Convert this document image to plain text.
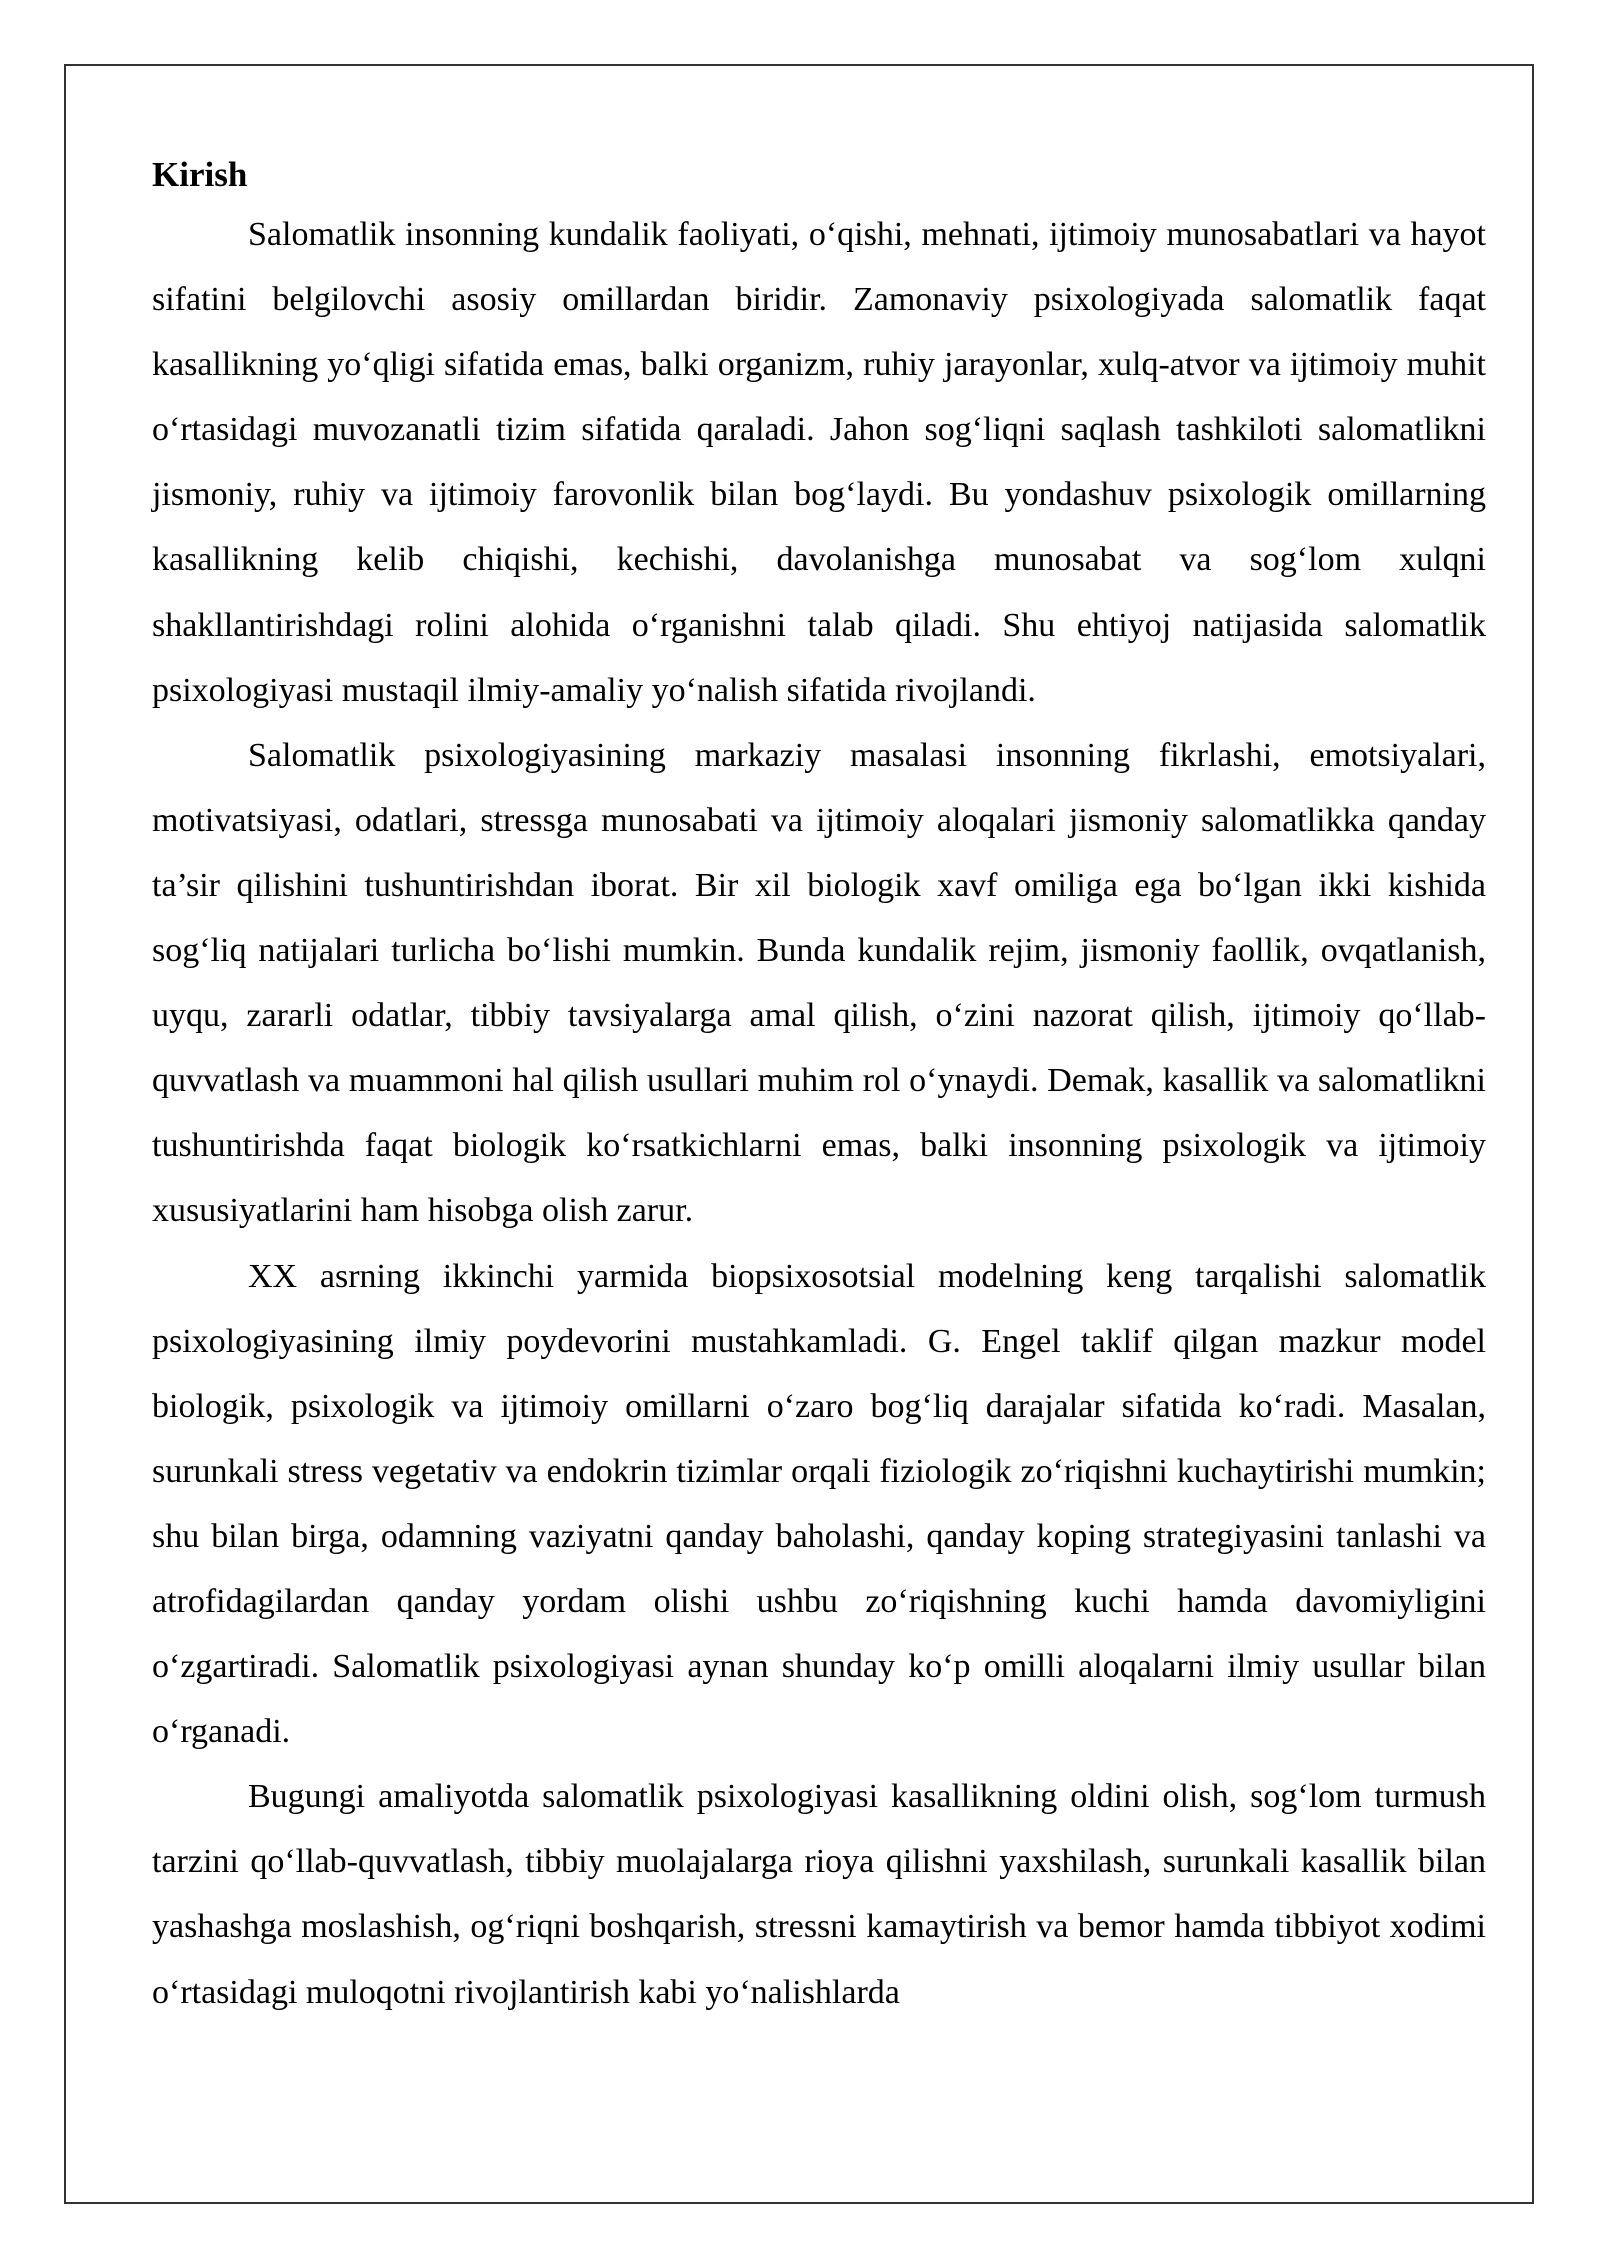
Kirish

Salomatlik insonning kundalik faoliyati, o‘qishi, mehnati, ijtimoiy munosabatlari va hayot sifatini belgilovchi asosiy omillardan biridir. Zamonaviy psixologiyada salomatlik faqat kasallikning yo‘qligi sifatida emas, balki organizm, ruhiy jarayonlar, xulq-atvor va ijtimoiy muhit o‘rtasidagi muvozanatli tizim sifatida qaraladi. Jahon sog‘liqni saqlash tashkiloti salomatlikni jismoniy, ruhiy va ijtimoiy farovonlik bilan bog‘laydi. Bu yondashuv psixologik omillarning kasallikning kelib chiqishi, kechishi, davolanishga munosabat va sog‘lom xulqni shakllantirishdagi rolini alohida o‘rganishni talab qiladi. Shu ehtiyoj natijasida salomatlik psixologiyasi mustaqil ilmiy-amaliy yo‘nalish sifatida rivojlandi.

Salomatlik psixologiyasining markaziy masalasi insonning fikrlashi, emotsiyalari, motivatsiyasi, odatlari, stressga munosabati va ijtimoiy aloqalari jismoniy salomatlikka qanday ta’sir qilishini tushuntirishdan iborat. Bir xil biologik xavf omiliga ega bo‘lgan ikki kishida sog‘liq natijalari turlicha bo‘lishi mumkin. Bunda kundalik rejim, jismoniy faollik, ovqatlanish, uyqu, zararli odatlar, tibbiy tavsiyalarga amal qilish, o‘zini nazorat qilish, ijtimoiy qo‘llab-quvvatlash va muammoni hal qilish usullari muhim rol o‘ynaydi. Demak, kasallik va salomatlikni tushuntirishda faqat biologik ko‘rsatkichlarni emas, balki insonning psixologik va ijtimoiy xususiyatlarini ham hisobga olish zarur.

XX asrning ikkinchi yarmida biopsixosotsial modelning keng tarqalishi salomatlik psixologiyasining ilmiy poydevorini mustahkamladi. G. Engel taklif qilgan mazkur model biologik, psixologik va ijtimoiy omillarni o‘zaro bog‘liq darajalar sifatida ko‘radi. Masalan, surunkali stress vegetativ va endokrin tizimlar orqali fiziologik zo‘riqishni kuchaytirishi mumkin; shu bilan birga, odamning vaziyatni qanday baholashi, qanday koping strategiyasini tanlashi va atrofidagilardan qanday yordam olishi ushbu zo‘riqishning kuchi hamda davomiyligini o‘zgartiradi. Salomatlik psixologiyasi aynan shunday ko‘p omilli aloqalarni ilmiy usullar bilan o‘rganadi.

Bugungi amaliyotda salomatlik psixologiyasi kasallikning oldini olish, sog‘lom turmush tarzini qo‘llab-quvvatlash, tibbiy muolajalarga rioya qilishni yaxshilash, surunkali kasallik bilan yashashga moslashish, og‘riqni boshqarish, stressni kamaytirish va bemor hamda tibbiyot xodimi o‘rtasidagi muloqotni rivojlantirish kabi yo‘nalishlarda
